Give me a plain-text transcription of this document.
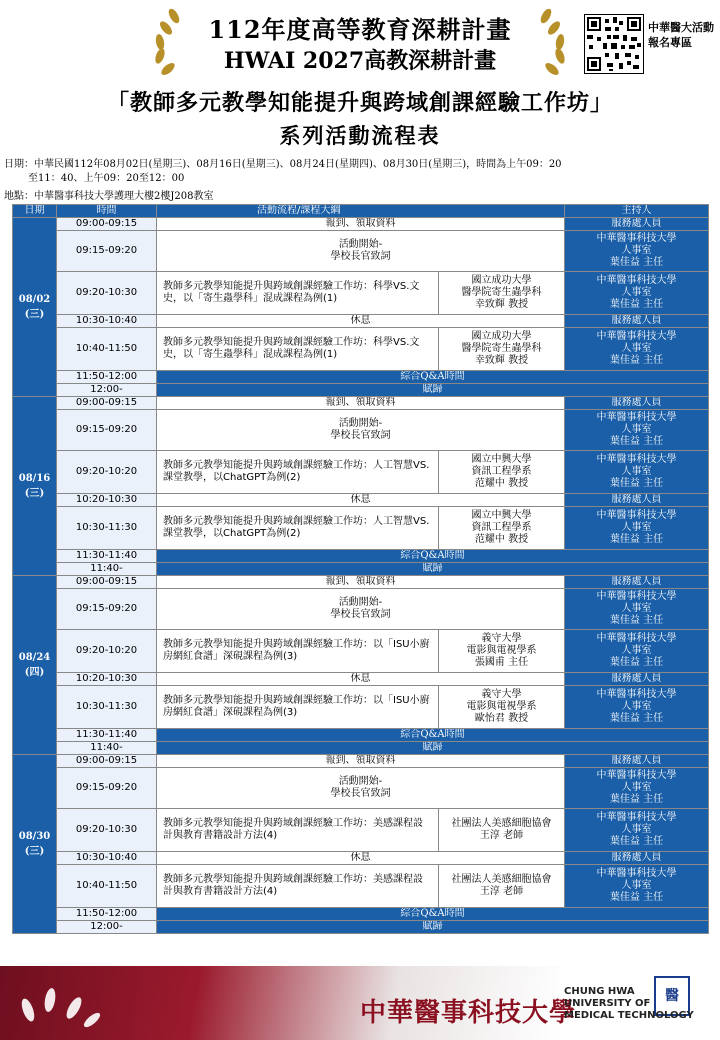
112年度高等教育深耕計畫
HWAI 2027高教深耕計畫
「教師多元教學知能提升與跨域創課經驗工作坊」
系列活動流程表
中華醫大活動報名專區
日期：中華民國112年08月02日(星期三)、08月16日(星期三)、08月24日(星期四)、08月30日(星期三)，時間為上午09：20
至11：40、上午09：20至12：00
地點：中華醫事科技大學護理大樓2樓J208教室
日期	時間	活動流程/課程大綱		主持人

08/02
(三)	09:00-09:15	報到、領取資料		服務處人員
	09:15-09:20	活動開始-
學校長官致詞		中華醫事科技大學
人事室
葉佳益 主任
	09:20-10:30	教師多元教學知能提升與跨域創課經驗工作坊：科學VS.文史，以「寄生蟲學科」混成課程為例(1)	國立成功大學
醫學院寄生蟲學科
幸致輝 教授	中華醫事科技大學
人事室
葉佳益 主任
	10:30-10:40	休息		服務處人員
	10:40-11:50	教師多元教學知能提升與跨域創課經驗工作坊：科學VS.文史，以「寄生蟲學科」混成課程為例(1)	國立成功大學
醫學院寄生蟲學科
幸致輝 教授	中華醫事科技大學
人事室
葉佳益 主任
	11:50-12:00	綜合Q&A時間		
	12:00-	賦歸		

08/16
(三)	09:00-09:15	報到、領取資料		服務處人員
	09:15-09:20	活動開始-
學校長官致詞		中華醫事科技大學
人事室
葉佳益 主任
	09:20-10:20	教師多元教學知能提升與跨域創課經驗工作坊：人工智慧VS.課堂教學，以ChatGPT為例(2)	國立中興大學
資訊工程學系
范耀中 教授	中華醫事科技大學
人事室
葉佳益 主任
	10:20-10:30	休息		服務處人員
	10:30-11:30	教師多元教學知能提升與跨域創課經驗工作坊：人工智慧VS.課堂教學，以ChatGPT為例(2)	國立中興大學
資訊工程學系
范耀中 教授	中華醫事科技大學
人事室
葉佳益 主任
	11:30-11:40	綜合Q&A時間		
	11:40-	賦歸		

08/24
(四)	09:00-09:15	報到、領取資料		服務處人員
	09:15-09:20	活動開始-
學校長官致詞		中華醫事科技大學
人事室
葉佳益 主任
	09:20-10:20	教師多元教學知能提升與跨域創課經驗工作坊：以「ISU小廚房網紅食譜」深硯課程為例(3)	義守大學
電影與電視學系
張國甫 主任	中華醫事科技大學
人事室
葉佳益 主任
	10:20-10:30	休息		服務處人員
	10:30-11:30	教師多元教學知能提升與跨域創課經驗工作坊：以「ISU小廚房網紅食譜」深硯課程為例(3)	義守大學
電影與電視學系
歐怡君 教授	中華醫事科技大學
人事室
葉佳益 主任
	11:30-11:40	綜合Q&A時間		
	11:40-	賦歸		

08/30
(三)	09:00-09:15	報到、領取資料		服務處人員
	09:15-09:20	活動開始-
學校長官致詞		中華醫事科技大學
人事室
葉佳益 主任
	09:20-10:30	教師多元教學知能提升與跨域創課經驗工作坊：美感課程設計與教育書籍設計方法(4)	社團法人美感細胞協會
王淳 老師	中華醫事科技大學
人事室
葉佳益 主任
	10:30-10:40	休息		服務處人員
	10:40-11:50	教師多元教學知能提升與跨域創課經驗工作坊：美感課程設計與教育書籍設計方法(4)	社團法人美感細胞協會
王淳 老師	中華醫事科技大學
人事室
葉佳益 主任
	11:50-12:00	綜合Q&A時間		
	12:00-	賦歸		
中華醫事科技大學
醫
CHUNG HWA
UNIVERSITY OF
MEDICAL TECHNOLOGY
